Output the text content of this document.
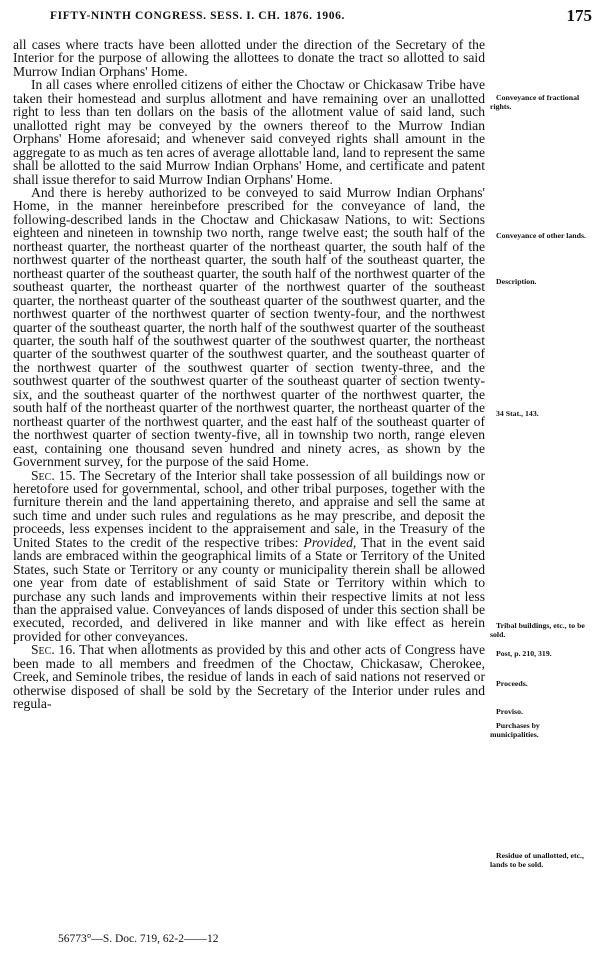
FIFTY-NINTH CONGRESS. SESS. I. CH. 1876. 1906.	175

all cases where tracts have been allotted under the direction of the Secretary of the Interior for the purpose of allowing the allottees to donate the tract so allotted to said Murrow Indian Orphans' Home.

In all cases where enrolled citizens of either the Choctaw or Chickasaw Tribe have taken their homestead and surplus allotment and have remaining over an unallotted right to less than ten dollars on the basis of the allotment value of said land, such unallotted right may be conveyed by the owners thereof to the Murrow Indian Orphans' Home aforesaid; and whenever said conveyed rights shall amount in the aggregate to as much as ten acres of average allottable land, land to represent the same shall be allotted to the said Murrow Indian Orphans' Home, and certificate and patent shall issue therefor to said Murrow Indian Orphans' Home.

And there is hereby authorized to be conveyed to said Murrow Indian Orphans' Home, in the manner hereinbefore prescribed for the conveyance of land, the following-described lands in the Choctaw and Chickasaw Nations, to wit: Sections eighteen and nineteen in township two north, range twelve east; the south half of the northeast quarter, the northeast quarter of the northeast quarter, the south half of the northwest quarter of the northeast quarter, the south half of the southeast quarter, the northeast quarter of the southeast quarter, the south half of the northwest quarter of the southeast quarter, the northeast quarter of the northwest quarter of the southeast quarter, the northeast quarter of the southeast quarter of the southwest quarter, and the northwest quarter of the northwest quarter of section twenty-four, and the northwest quarter of the southeast quarter, the north half of the southwest quarter of the southeast quarter, the south half of the southwest quarter of the southwest quarter, the northeast quarter of the southwest quarter of the southwest quarter, and the southeast quarter of the northwest quarter of the southwest quarter of section twenty-three, and the southwest quarter of the southwest quarter of the southeast quarter of section twenty-six, and the southeast quarter of the northwest quarter of the northwest quarter, the south half of the northeast quarter of the northwest quarter, the northeast quarter of the northeast quarter of the northwest quarter, and the east half of the southeast quarter of the northwest quarter of section twenty-five, all in township two north, range eleven east, containing one thousand seven hundred and ninety acres, as shown by the Government survey, for the purpose of the said Home.

Sec. 15. The Secretary of the Interior shall take possession of all buildings now or heretofore used for governmental, school, and other tribal purposes, together with the furniture therein and the land appertaining thereto, and appraise and sell the same at such time and under such rules and regulations as he may prescribe, and deposit the proceeds, less expenses incident to the appraisement and sale, in the Treasury of the United States to the credit of the respective tribes: Provided, That in the event said lands are embraced within the geographical limits of a State or Territory of the United States, such State or Territory or any county or municipality therein shall be allowed one year from date of establishment of said State or Territory within which to purchase any such lands and improvements within their respective limits at not less than the appraised value. Conveyances of lands disposed of under this section shall be executed, recorded, and delivered in like manner and with like effect as herein provided for other conveyances.

Sec. 16. That when allotments as provided by this and other acts of Congress have been made to all members and freedmen of the Choctaw, Chickasaw, Cherokee, Creek, and Seminole tribes, the residue of lands in each of said nations not reserved or otherwise disposed of shall be sold by the Secretary of the Interior under rules and regula-

Conveyance of fractional rights.
Conveyance of other lands.
Description.
34 Stat., 143.
Tribal buildings, etc., to be sold.
Post, p. 210, 319.
Proceeds.
Proviso.
Purchases by municipalities.
Residue of unallotted, etc., lands to be sold.
56773°—S. Doc. 719, 62-2——12
